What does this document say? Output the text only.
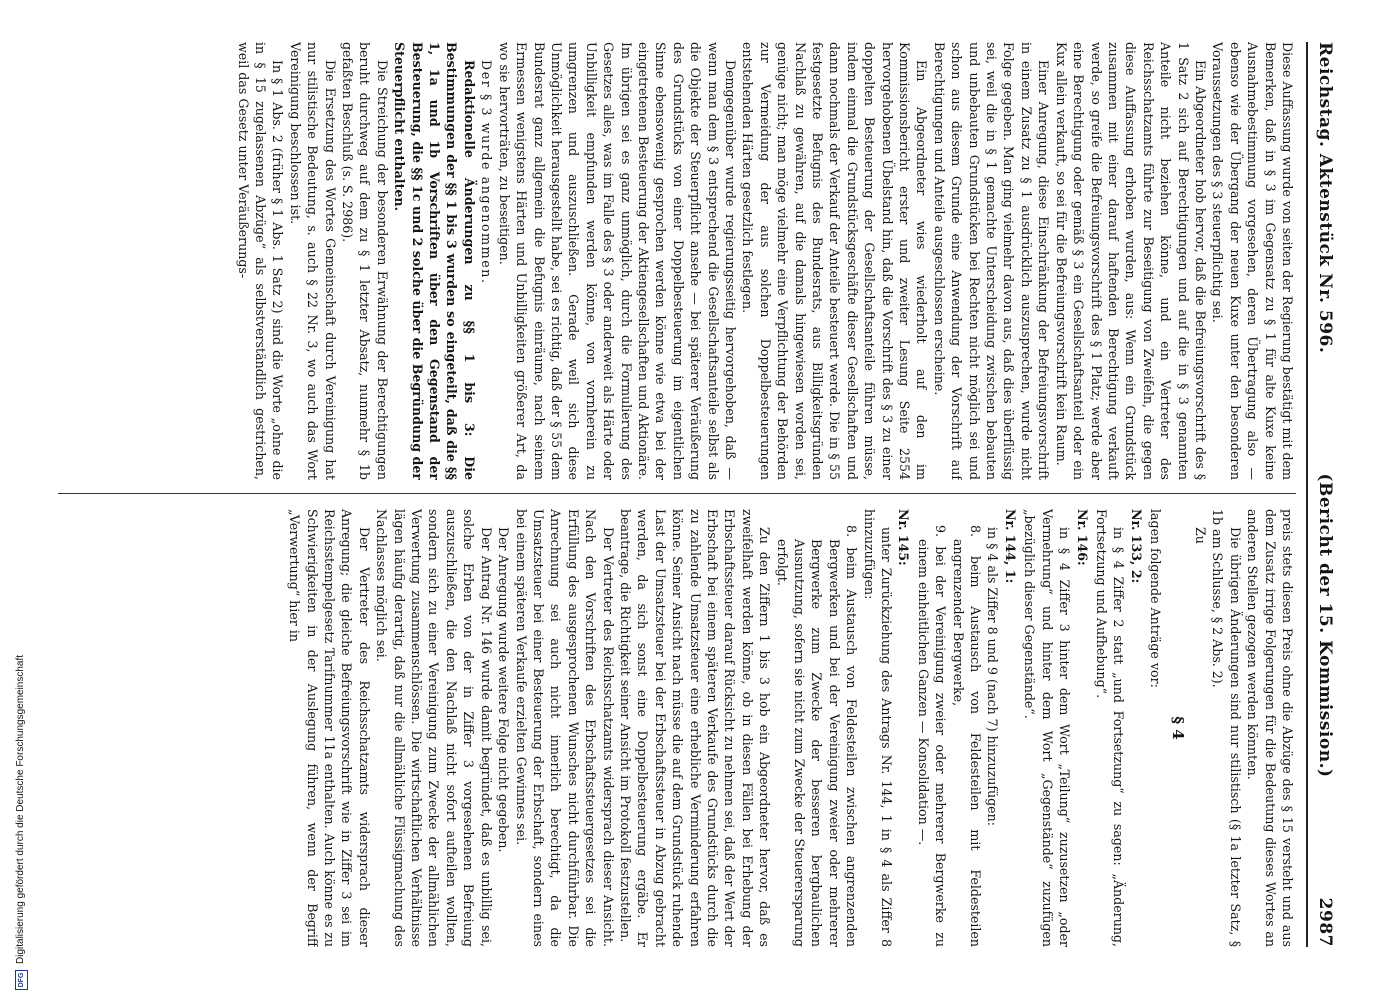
Reichstag. Aktenstück Nr. 596.
(Bericht der 15. Kommission.)
2987

Diese Auffassung wurde von seiten der Regierung bestätigt mit dem Bemerken, daß in § 3 im Gegensatz zu § 1 für alte Kuxe keine Ausnahmebestimmung vorgesehen, deren Übertragung also — ebenso wie der Übergang der neuen Kuxe unter den besonderen Voraussetzungen des § 3 steuerpflichtig sei.

Ein Abgeordneter hob hervor, daß die Befreiungsvorschrift des § 1 Satz 2 sich auf Berechtigungen und auf die in § 3 genannten Anteile nicht beziehen könne, und ein Vertreter des Reichsschatzamts führte zur Beseitigung von Zweifeln, die gegen diese Auffassung erhoben wurden, aus: Wenn ein Grundstück zusammen mit einer darauf haftenden Berechtigung verkauft werde, so greife die Befreiungsvorschrift des § 1 Platz; werde aber eine Berechtigung oder gemäß § 3 ein Gesellschaftsanteil oder ein Kux allein verkauft, so sei für die Befreiungsvorschrift kein Raum.

Einer Anregung, diese Einschränkung der Befreiungsvorschrift in einem Zusatz zu § 1 ausdrücklich auszusprechen, wurde nicht Folge gegeben. Man ging vielmehr davon aus, daß dies überflüssig sei, weil die in § 1 gemachte Unterscheidung zwischen bebauten und unbebauten Grundstücken bei Rechten nicht möglich sei und schon aus diesem Grunde eine Anwendung der Vorschrift auf Berechtigungen und Anteile ausgeschlossen erscheine.

Ein Abgeordneter wies wiederholt auf den im Kommissionsbericht erster und zweiter Lesung Seite 2554 hervorgehobenen Übelstand hin, daß die Vorschrift des § 3 zu einer doppelten Besteuerung der Gesellschaftsanteile führen müsse, indem einmal die Grundstücksgeschäfte dieser Gesellschaften und dann nochmals der Verkauf der Anteile besteuert werde. Die in § 55 festgesetzte Befugnis des Bundesrats, aus Billigkeitsgründen Nachlaß zu gewähren, auf die damals hingewiesen worden sei, genüge nicht; man möge vielmehr eine Verpflichtung der Behörden zur Vermeidung der aus solchen Doppelbesteuerungen entstehenden Härten gesetzlich festlegen.

Demgegenüber wurde regierungsseitig hervorgehoben, daß — wenn man dem § 3 entsprechend die Gesellschaftsanteile selbst als die Objekte der Steuerpflicht ansehe — bei späterer Veräußerung des Grundstücks von einer Doppelbesteuerung im eigentlichen Sinne ebensowenig gesprochen werden könne wie etwa bei der eingetretenen Besteuerung der Aktiengesellschaften und Aktionäre. Im übrigen sei es ganz unmöglich, durch die Formulierung des Gesetzes alles, was im Falle des § 3 oder anderweit als Härte oder Unbilligkeit empfunden werden könne, von vornherein zu umgrenzen und auszuschließen. Gerade weil sich diese Unmöglichkeit herausgestellt habe, sei es richtig, daß der § 55 dem Bundesrat ganz allgemein die Befugnis einräume, nach seinem Ermessen wenigstens Härten und Unbilligkeiten größerer Art, da wo sie hervorträten, zu beseitigen.

Der § 3 wurde angenommen.

Redaktionelle Änderungen zu §§ 1 bis 3: Die Bestimmungen der §§ 1 bis 3 wurden so eingeteilt, daß die §§ 1, 1a und 1b Vorschriften über den Gegenstand der Besteuerung, die §§ 1c und 2 solche über die Begründung der Steuerpflicht enthalten.

Die Streichung der besonderen Erwähnung der Berechtigungen beruht durchweg auf dem zu § 1 letzter Absatz, nunmehr § 1b gefaßten Beschluß (s. S. 2986).

Die Ersetzung des Wortes Gemeinschaft durch Vereinigung hat nur stilistische Bedeutung, s. auch § 22 Nr. 3, wo auch das Wort Vereinigung beschlossen ist.

In § 1 Abs. 2 (früher § 1 Abs. 1 Satz 2) sind die Worte „ohne die in § 15 zugelassenen Abzüge“ als selbstverständlich gestrichen, weil das Gesetz unter Veräußerungs-

preis stets diesen Preis ohne die Abzüge des § 15 versteht und aus dem Zusatz irrige Folgerungen für die Bedeutung dieses Wortes an anderen Stellen gezogen werden könnten.

Die übrigen Änderungen sind nur stilistisch (§ 1a letzter Satz, § 1b am Schlusse, § 2 Abs. 2).

Zu

§ 4

lagen folgende Anträge vor:

Nr. 133, 2:

in § 4 Ziffer 2 statt „und Fortsetzung“ zu sagen: „Änderung, Fortsetzung und Aufhebung“.

Nr. 146:

in § 4 Ziffer 3 hinter dem Wort „Teilung“ zuzusetzen „oder Vermehrung“ und hinter dem Wort „Gegenstände“ zuzufügen „bezüglich dieser Gegenstände“.

Nr. 144, 1:

in § 4 als Ziffer 8 und 9 (nach 7) hinzuzufügen:

8. beim Austausch von Feldesteilen mit Feldesteilen angrenzender Bergwerke,

9. bei der Vereinigung zweier oder mehrerer Bergwerke zu einem einheitlichen Ganzen — Konsolidation —.

Nr. 145:

unter Zurückziehung des Antrags Nr. 144, 1 in § 4 als Ziffer 8 hinzuzufügen:

8. beim Austausch von Feldesteilen zwischen angrenzenden Bergwerken und bei der Vereinigung zweier oder mehrerer Bergwerke zum Zwecke der besseren bergbaulichen Ausnutzung, sofern sie nicht zum Zwecke der Steuerersparung erfolgt.

Zu den Ziffern 1 bis 3 hob ein Abgeordneter hervor, daß es zweifelhaft werden könne, ob in diesen Fällen bei Erhebung der Erbschaftssteuer darauf Rücksicht zu nehmen sei, daß der Wert der Erbschaft bei einem späteren Verkaufe des Grundstücks durch die zu zahlende Umsatzsteuer eine erhebliche Verminderung erfahren könne. Seiner Ansicht nach müsse die auf dem Grundstück ruhende Last der Umsatzsteuer bei der Erbschaftssteuer in Abzug gebracht werden, da sich sonst eine Doppelbesteuerung ergäbe. Er beantrage, die Richtigkeit seiner Ansicht im Protokoll festzustellen.

Der Vertreter des Reichsschatzamts widersprach dieser Ansicht. Nach den Vorschriften des Erbschaftssteuergesetzes sei die Erfüllung des ausgesprochenen Wunsches nicht durchführbar. Die Anrechnung sei auch nicht innerlich berechtigt, da die Umsatzsteuer bei einer Besteuerung der Erbschaft, sondern eines bei einem späteren Verkaufe erzielten Gewinnes sei.

Der Anregung wurde weitere Folge nicht gegeben.

Der Antrag Nr. 146 wurde damit begründet, daß es unbillig sei, solche Erben von der in Ziffer 3 vorgesehenen Befreiung auszuschließen, die den Nachlaß nicht sofort aufteilen wollten, sondern sich zu einer Vereinigung zum Zwecke der allmählichen Verwertung zusammenschlössen. Die wirtschaftlichen Verhältnisse lägen häufig derartig, daß nur die allmähliche Flüssigmachung des Nachlasses möglich sei.

Der Vertreter des Reichsschatzamts widersprach dieser Anregung; die gleiche Befreiungsvorschrift wie in Ziffer 3 sei im Reichsstempelgesetz Tarifnummer 11a enthalten. Auch könne es zu Schwierigkeiten in der Auslegung führen, wenn der Begriff „Verwertung“ hier in

DFG
Digitalisierung gefördert durch die Deutsche Forschungsgemeinschaft
